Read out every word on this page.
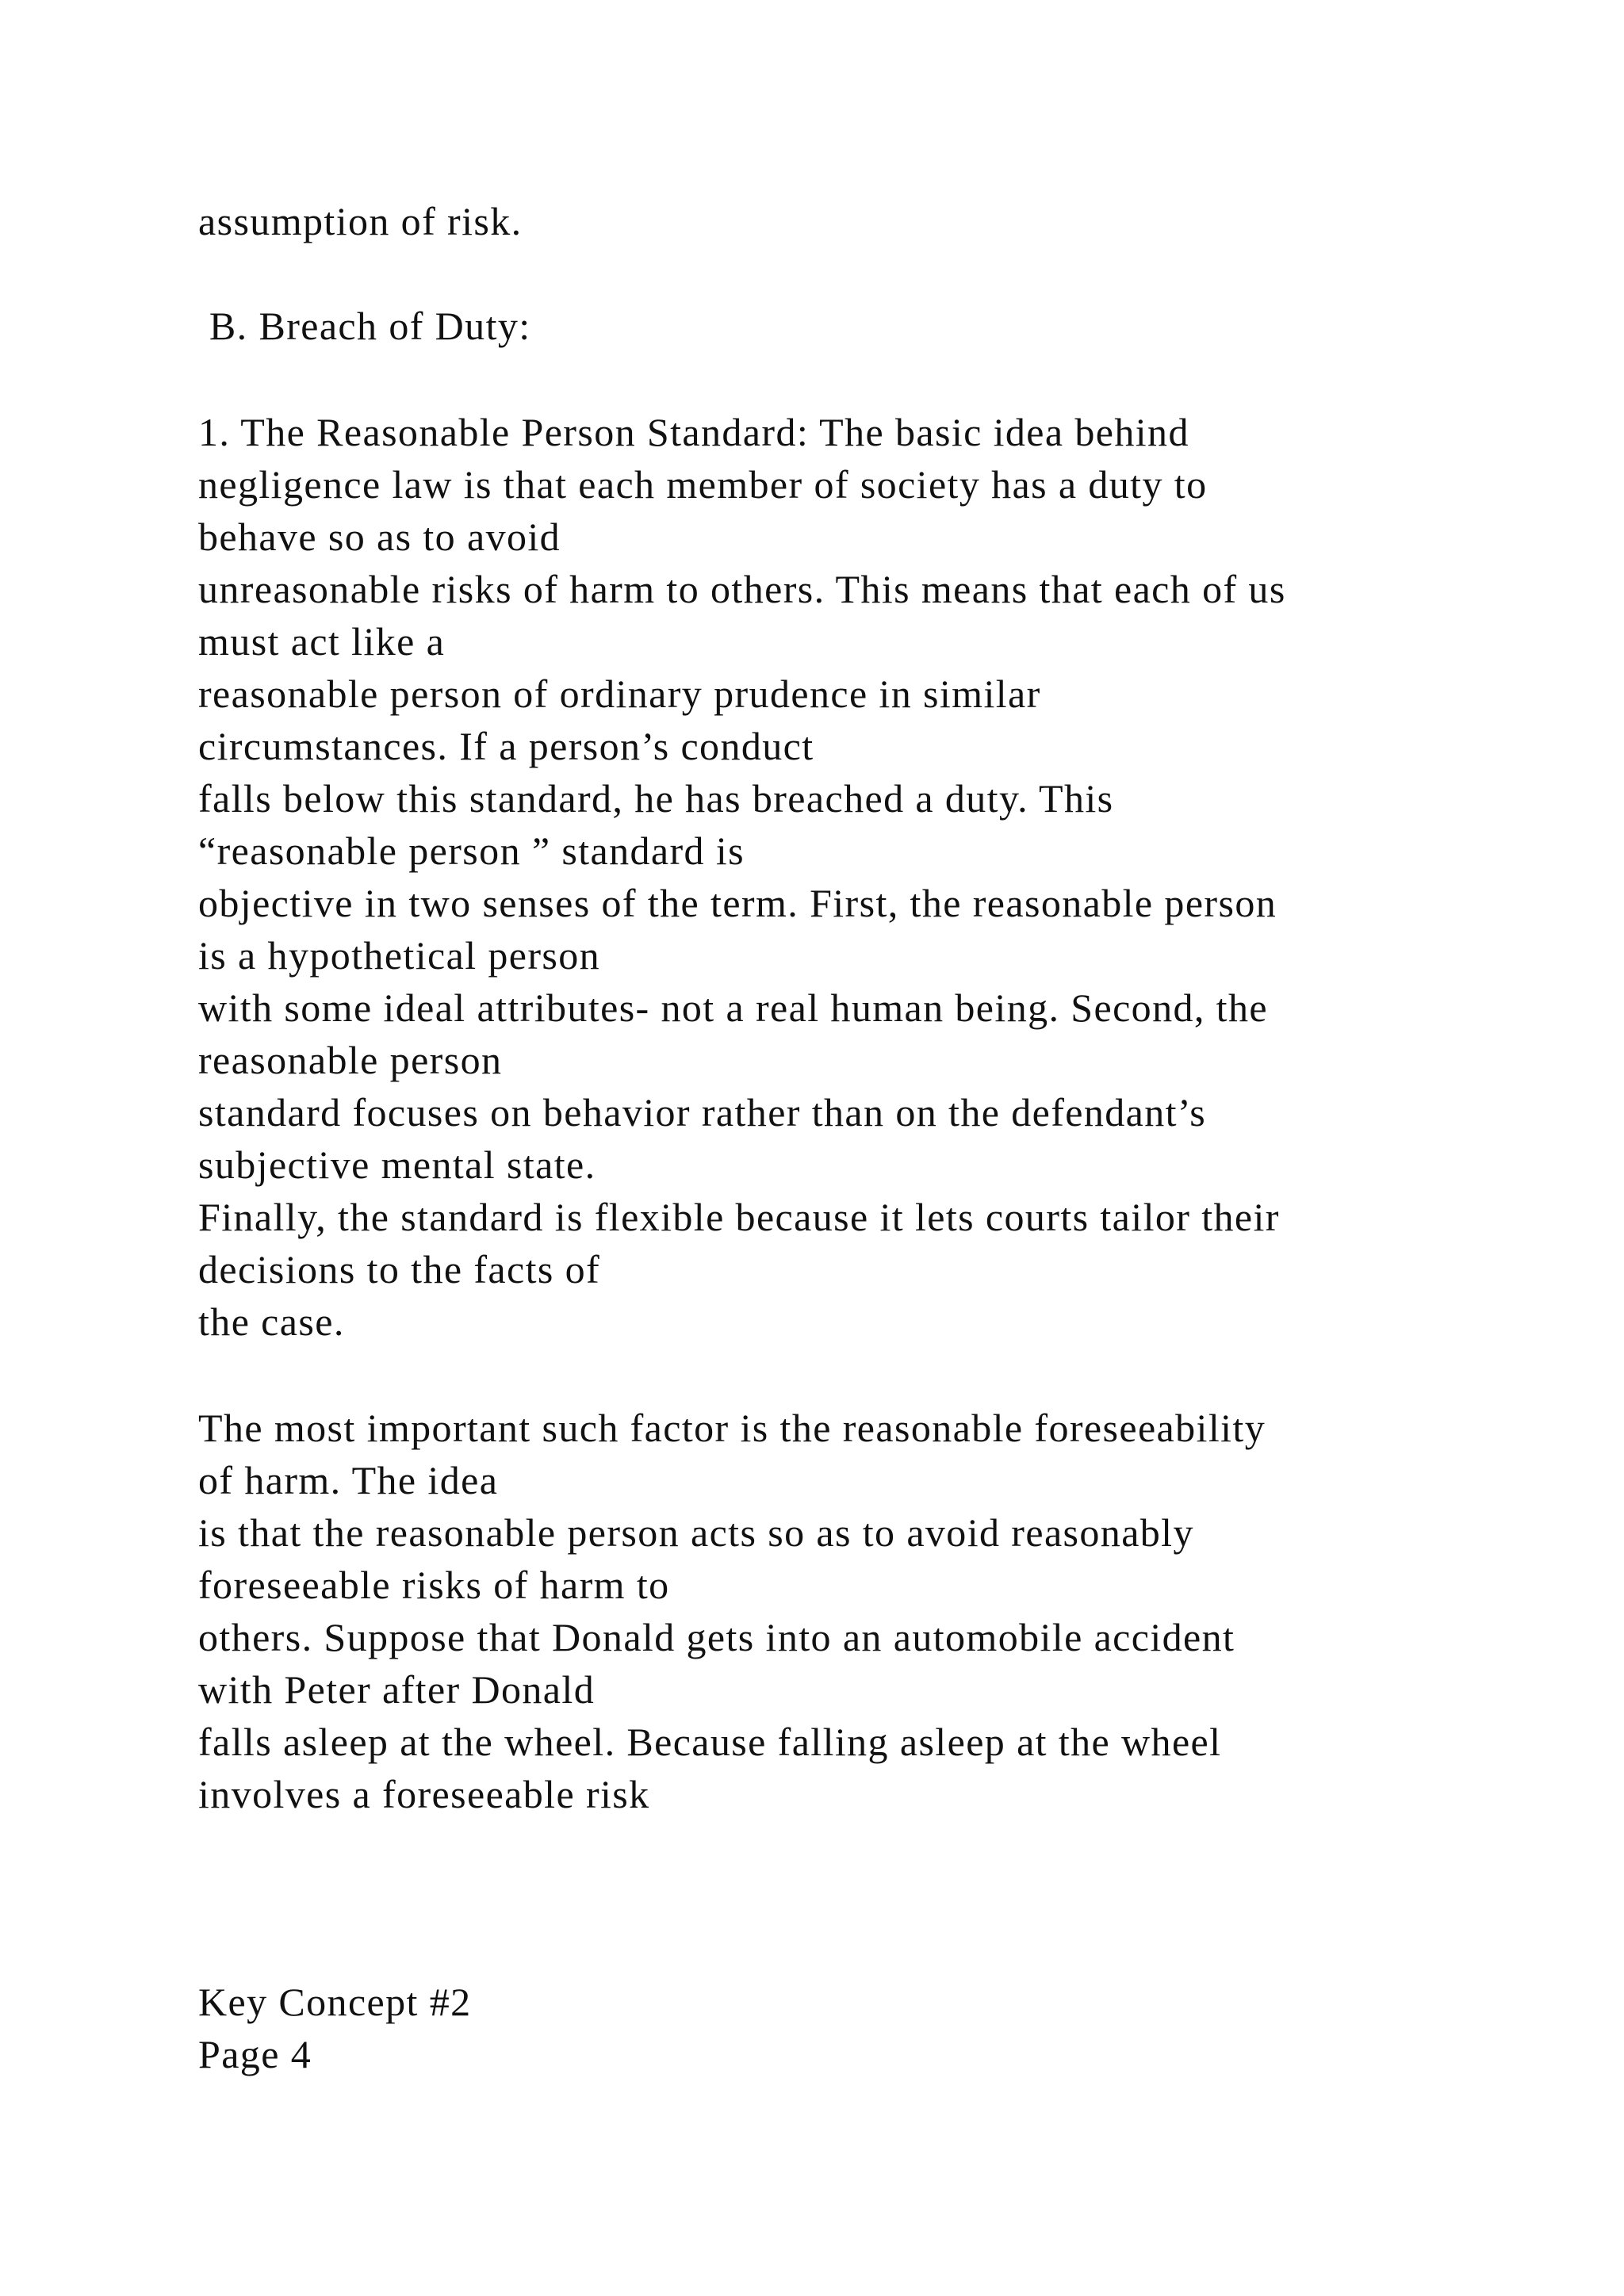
assumption of risk.
B. Breach of Duty:
1. The Reasonable Person Standard: The basic idea behind
negligence law is that each member of society has a duty to
behave so as to avoid
unreasonable risks of harm to others. This means that each of us
must act like a
reasonable person of ordinary prudence in similar
circumstances. If a person’s conduct
falls below this standard, he has breached a duty. This
“reasonable person ” standard is
objective in two senses of the term. First, the reasonable person
is a hypothetical person
with some ideal attributes- not a real human being. Second, the
reasonable person
standard focuses on behavior rather than on the defendant’s
subjective mental state.
Finally, the standard is flexible because it lets courts tailor their
decisions to the facts of
the case.
The most important such factor is the reasonable foreseeability
of harm. The idea
is that the reasonable person acts so as to avoid reasonably
foreseeable risks of harm to
others. Suppose that Donald gets into an automobile accident
with Peter after Donald
falls asleep at the wheel. Because falling asleep at the wheel
involves a foreseeable risk
Key Concept #2
Page 4
